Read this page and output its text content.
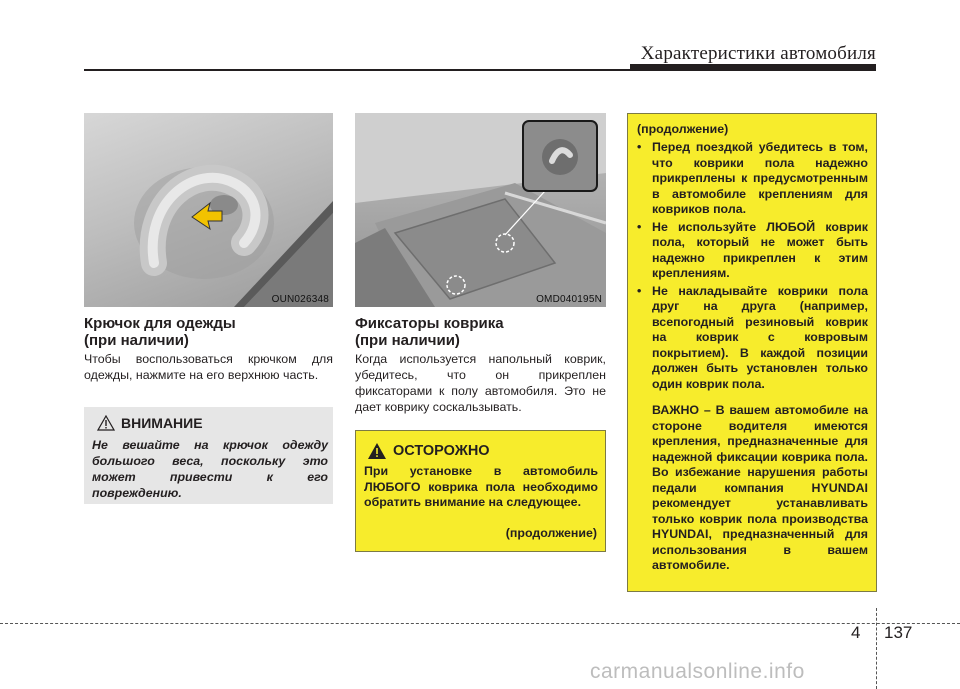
Характеристики автомобиля
OUN026348
Крючок для одежды
(при наличии)
Чтобы воспользоваться крючком для одежды, нажмите на его верхнюю часть.
ВНИМАНИЕ
Не вешайте на крючок одежду большого веса, поскольку это может привести к его повреждению.
OMD040195N
Фиксаторы коврика
(при наличии)
Когда используется напольный коврик, убедитесь, что он прикреплен фиксаторами к полу автомобиля. Это не дает коврику соскальзывать.
ОСТОРОЖНО
При установке в автомобиль ЛЮБОГО коврика пола необходимо обратить внимание на следующее.
(продолжение)
(продолжение)
• Перед поездкой убедитесь в том, что коврики пола надежно прикреплены к предусмотренным в автомобиле креплениям для ковриков пола.
• Не используйте ЛЮБОЙ коврик пола, который не может быть надежно прикреплен к этим креплениям.
• Не накладывайте коврики пола друг на друга (например, всепогодный резиновый коврик на коврик с ковровым покрытием). В каждой позиции должен быть установлен только один коврик пола.
ВАЖНО – В вашем автомобиле на стороне водителя имеются крепления, предназначенные для надежной фиксации коврика пола. Во избежание нарушения работы педали компания HYUNDAI рекомендует устанавливать только коврик пола производства HYUNDAI, предназначенный для использования в вашем автомобиле.
4 137
carmanualsonline.info
